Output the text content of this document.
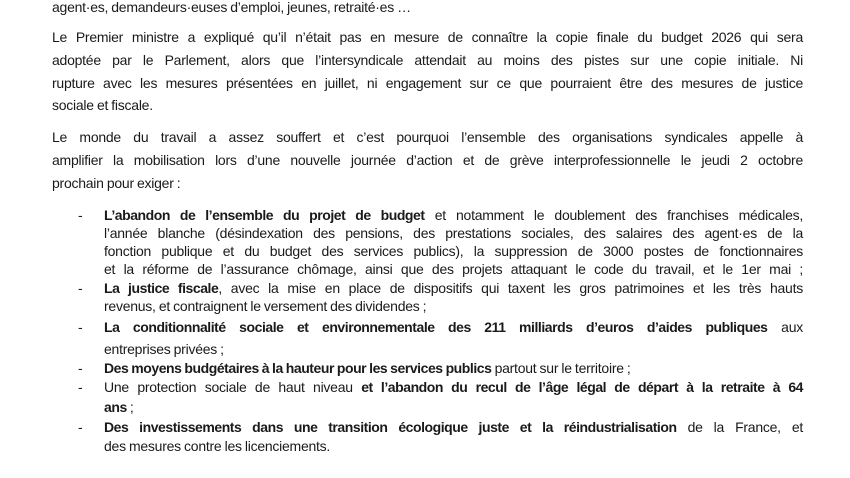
agent·es, demandeurs·euses d’emploi, jeunes, retraité·es …
Le Premier ministre a expliqué qu’il n’était pas en mesure de connaître la copie finale du budget 2026 qui sera
adoptée par le Parlement, alors que l’intersyndicale attendait au moins des pistes sur une copie initiale. Ni
rupture avec les mesures présentées en juillet, ni engagement sur ce que pourraient être des mesures de justice
sociale et fiscale.
Le monde du travail a assez souffert et c’est pourquoi l’ensemble des organisations syndicales appelle à
amplifier la mobilisation lors d’une nouvelle journée d’action et de grève interprofessionnelle le jeudi 2 octobre
prochain pour exiger :
- L’abandon de l’ensemble du projet de budget et notamment le doublement des franchises médicales,
l’année blanche (désindexation des pensions, des prestations sociales, des salaires des agent·es de la
fonction publique et du budget des services publics), la suppression de 3000 postes de fonctionnaires
et la réforme de l’assurance chômage, ainsi que des projets attaquant le code du travail, et le 1er mai ;
- La justice fiscale, avec la mise en place de dispositifs qui taxent les gros patrimoines et les très hauts
revenus, et contraignent le versement des dividendes ;
- La conditionnalité sociale et environnementale des 211 milliards d’euros d’aides publiques aux
entreprises privées ;
- Des moyens budgétaires à la hauteur pour les services publics partout sur le territoire ;
- Une protection sociale de haut niveau et l’abandon du recul de l’âge légal de départ à la retraite à 64
ans ;
- Des investissements dans une transition écologique juste et la réindustrialisation de la France, et
des mesures contre les licenciements.
